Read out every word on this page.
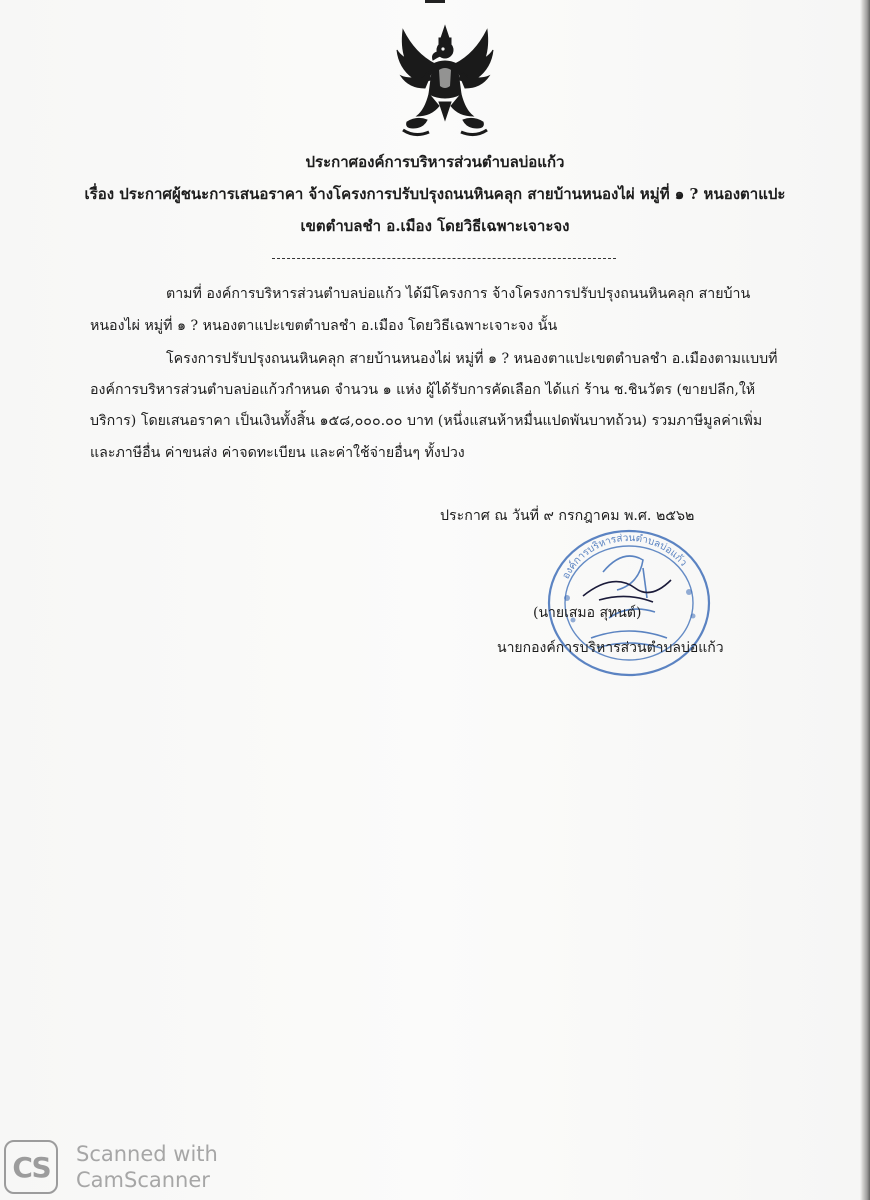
ประกาศองค์การบริหารส่วนตำบลบ่อแก้ว
เรื่อง ประกาศผู้ชนะการเสนอราคา จ้างโครงการปรับปรุงถนนหินคลุก สายบ้านหนองไผ่ หมู่ที่ ๑ ? หนองตาแปะ
เขตตำบลชำ อ.เมือง โดยวิธีเฉพาะเจาะจง
ตามที่ องค์การบริหารส่วนตำบลบ่อแก้ว ได้มีโครงการ จ้างโครงการปรับปรุงถนนหินคลุก สายบ้าน
หนองไผ่ หมู่ที่ ๑ ? หนองตาแปะเขตตำบลชำ อ.เมือง โดยวิธีเฉพาะเจาะจง นั้น
โครงการปรับปรุงถนนหินคลุก สายบ้านหนองไผ่ หมู่ที่ ๑ ? หนองตาแปะเขตตำบลชำ อ.เมืองตามแบบที่
องค์การบริหารส่วนตำบลบ่อแก้วกำหนด จำนวน ๑ แห่ง ผู้ได้รับการคัดเลือก ได้แก่ ร้าน ช.ชินวัตร (ขายปลีก,ให้
บริการ) โดยเสนอราคา เป็นเงินทั้งสิ้น ๑๕๘,๐๐๐.๐๐ บาท (หนึ่งแสนห้าหมื่นแปดพันบาทถ้วน) รวมภาษีมูลค่าเพิ่ม
และภาษีอื่น ค่าขนส่ง ค่าจดทะเบียน และค่าใช้จ่ายอื่นๆ ทั้งปวง
ประกาศ ณ วันที่ ๙ กรกฎาคม พ.ศ. ๒๕๖๒
องค์การบริหารส่วนตำบลบ่อแก้ว
(นายเสมอ สุทนต์)
นายกองค์การบริหารส่วนตำบลบ่อแก้ว
CS	Scanned with
CamScanner
